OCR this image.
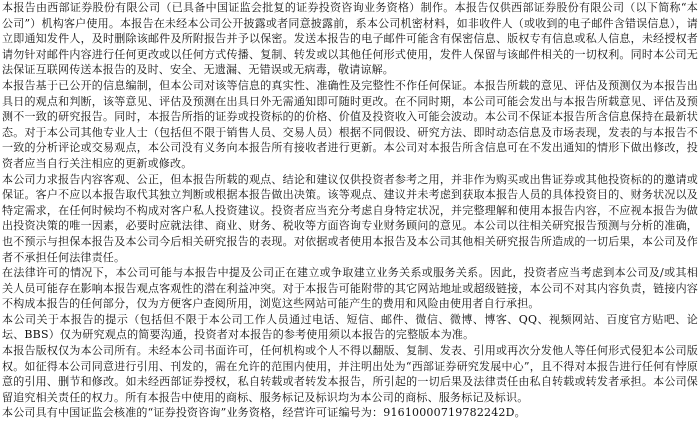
本报告由西部证券股份有限公司（已具备中国证监会批复的证券投资咨询业务资格）制作。本报告仅供西部证券股份有限公司（以下简称“本公司”）机构客户使用。本报告在未经本公司公开披露或者同意披露前，系本公司机密材料，如非收件人（或收到的电子邮件含错误信息），请立即通知发件人，及时删除该邮件及所附报告并予以保密。发送本报告的电子邮件可能含有保密信息、版权专有信息或私人信息，未经授权者请勿针对邮件内容进行任何更改或以任何方式传播、复制、转发或以其他任何形式使用，发件人保留与该邮件相关的一切权利。同时本公司无法保证互联网传送本报告的及时、安全、无遗漏、无错误或无病毒，敬请谅解。

本报告基于已公开的信息编制，但本公司对该等信息的真实性、准确性及完整性不作任何保证。本报告所载的意见、评估及预测仅为本报告出具日的观点和判断，该等意见、评估及预测在出具日外无需通知即可随时更改。在不同时期，本公司可能会发出与本报告所载意见、评估及预测不一致的研究报告。同时，本报告所指的证券或投资标的的价格、价值及投资收入可能会波动。本公司不保证本报告所含信息保持在最新状态。对于本公司其他专业人士（包括但不限于销售人员、交易人员）根据不同假设、研究方法、即时动态信息及市场表现，发表的与本报告不一致的分析评论或交易观点，本公司没有义务向本报告所有接收者进行更新。本公司对本报告所含信息可在不发出通知的情形下做出修改，投资者应当自行关注相应的更新或修改。

本公司力求报告内容客观、公正，但本报告所载的观点、结论和建议仅供投资者参考之用，并非作为购买或出售证券或其他投资标的的邀请或保证。客户不应以本报告取代其独立判断或根据本报告做出决策。该等观点、建议并未考虑到获取本报告人员的具体投资目的、财务状况以及特定需求，在任何时候均不构成对客户私人投资建议。投资者应当充分考虑自身特定状况，并完整理解和使用本报告内容，不应视本报告为做出投资决策的唯一因素，必要时应就法律、商业、财务、税收等方面咨询专业财务顾问的意见。本公司以往相关研究报告预测与分析的准确，也不预示与担保本报告及本公司今后相关研究报告的表现。对依据或者使用本报告及本公司其他相关研究报告所造成的一切后果，本公司及作者不承担任何法律责任。

在法律许可的情况下，本公司可能与本报告中提及公司正在建立或争取建立业务关系或服务关系。因此，投资者应当考虑到本公司及/或其相关人员可能存在影响本报告观点客观性的潜在利益冲突。对于本报告可能附带的其它网站地址或超级链接，本公司不对其内容负责，链接内容不构成本报告的任何部分，仅为方便客户查阅所用，浏览这些网站可能产生的费用和风险由使用者自行承担。

本公司关于本报告的提示（包括但不限于本公司工作人员通过电话、短信、邮件、微信、微博、博客、QQ、视频网站、百度官方贴吧、论坛、BBS）仅为研究观点的简要沟通，投资者对本报告的参考使用须以本报告的完整版本为准。

本报告版权仅为本公司所有。未经本公司书面许可，任何机构或个人不得以翻版、复制、发表、引用或再次分发他人等任何形式侵犯本公司版权。如征得本公司同意进行引用、刊发的，需在允许的范围内使用，并注明出处为“西部证券研究发展中心”，且不得对本报告进行任何有悖原意的引用、删节和修改。如未经西部证券授权，私自转载或者转发本报告，所引起的一切后果及法律责任由私自转载或转发者承担。本公司保留追究相关责任的权力。所有本报告中使用的商标、服务标记及标识均为本公司的商标、服务标记及标识。

本公司具有中国证监会核准的“证券投资咨询”业务资格，经营许可证编号为：91610000719782242D。
